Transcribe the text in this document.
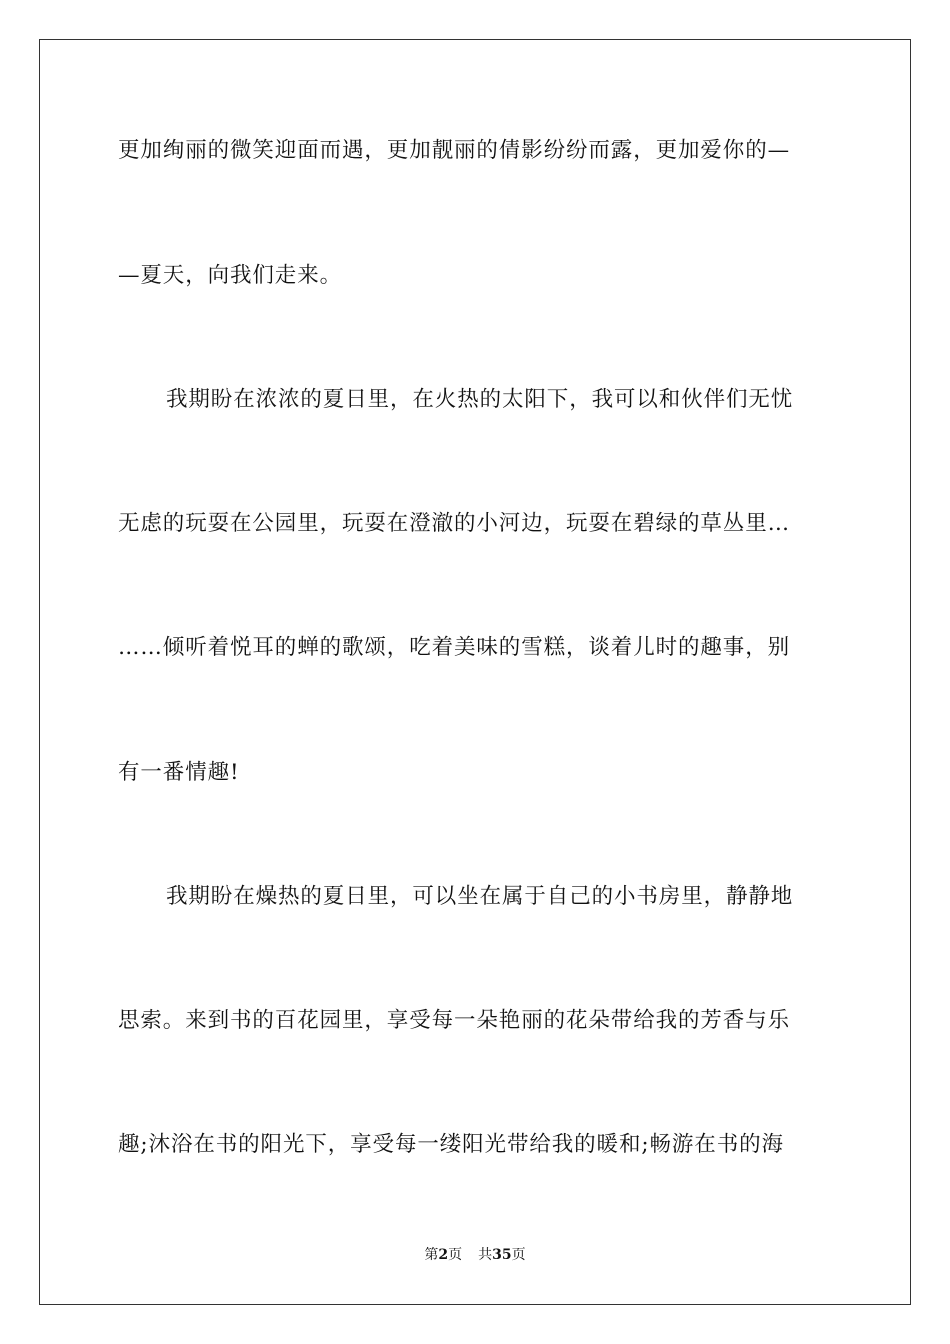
更加绚丽的微笑迎面而遇，更加靓丽的倩影纷纷而露，更加爱你的—
—夏天，向我们走来。
我期盼在浓浓的夏日里，在火热的太阳下，我可以和伙伴们无忧
无虑的玩耍在公园里，玩耍在澄澈的小河边，玩耍在碧绿的草丛里…
……倾听着悦耳的蝉的歌颂，吃着美味的雪糕，谈着儿时的趣事，别
有一番情趣!
我期盼在燥热的夏日里，可以坐在属于自己的小书房里，静静地
思索。来到书的百花园里，享受每一朵艳丽的花朵带给我的芳香与乐
趣;沐浴在书的阳光下，享受每一缕阳光带给我的暖和;畅游在书的海
第2页 共35页
